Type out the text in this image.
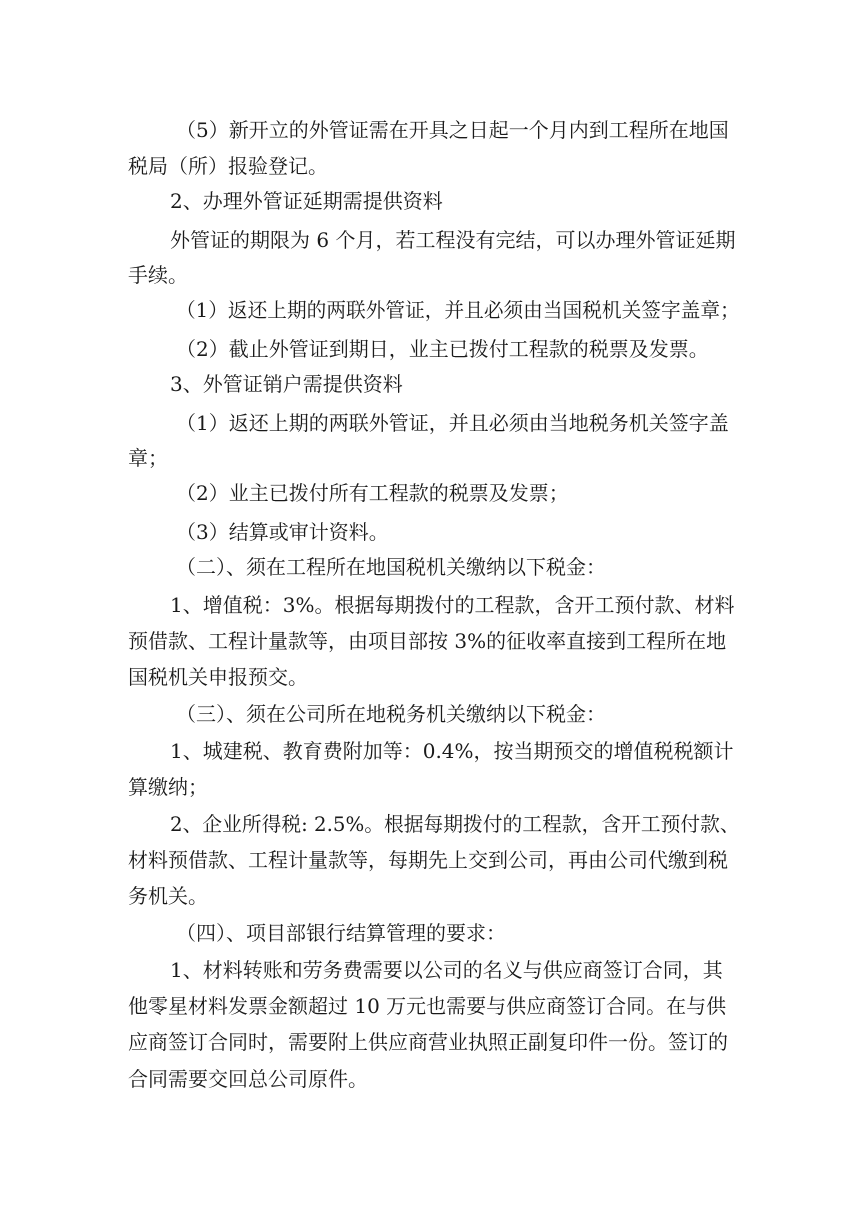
（5）新开立的外管证需在开具之日起一个月内到工程所在地国
税局（所）报验登记。
2、办理外管证延期需提供资料
外管证的期限为 6 个月，若工程没有完结，可以办理外管证延期
手续。
（1）返还上期的两联外管证，并且必须由当国税机关签字盖章；
（2）截止外管证到期日，业主已拨付工程款的税票及发票。
3、外管证销户需提供资料
（1）返还上期的两联外管证，并且必须由当地税务机关签字盖
章；
（2）业主已拨付所有工程款的税票及发票；
（3）结算或审计资料。
（二）、须在工程所在地国税机关缴纳以下税金：
1、增值税：3%。根据每期拨付的工程款，含开工预付款、材料
预借款、工程计量款等，由项目部按 3%的征收率直接到工程所在地
国税机关申报预交。
（三）、须在公司所在地税务机关缴纳以下税金：
1、城建税、教育费附加等：0.4%，按当期预交的增值税税额计
算缴纳；
2、企业所得税: 2.5%。根据每期拨付的工程款，含开工预付款、
材料预借款、工程计量款等，每期先上交到公司，再由公司代缴到税
务机关。
（四）、项目部银行结算管理的要求：
1、材料转账和劳务费需要以公司的名义与供应商签订合同，其
他零星材料发票金额超过 10 万元也需要与供应商签订合同。在与供
应商签订合同时，需要附上供应商营业执照正副复印件一份。签订的
合同需要交回总公司原件。
